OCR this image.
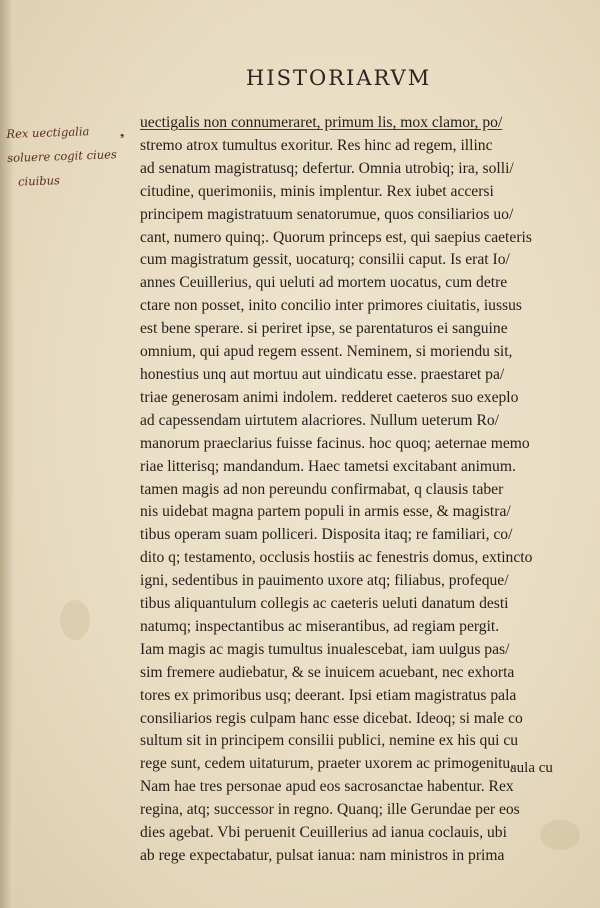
HISTORIARVM
Rex uectigalia
soluere cogit ciues
ciuibus
❟
uectigalis non connumeraret, primum lis, mox clamor, po/
stremo atrox tumultus exoritur. Res hinc ad regem, illinc
ad senatum magistratusq; defertur. Omnia utrobiq; ira, solli/
citudine, querimoniis, minis implentur. Rex iubet accersi
principem magistratuum senatorumue, quos consiliarios uo/
cant, numero quinq;. Quorum princeps est, qui saepius caeteris
cum magistratum gessit, uocaturq; consilii caput. Is erat Io/
annes Ceuillerius, qui ueluti ad mortem uocatus, cum detre
ctare non posset, inito concilio inter primores ciuitatis, iussus
est bene sperare. si periret ipse, se parentaturos ei sanguine
omnium, qui apud regem essent. Neminem, si moriendu sit,
honestius unq aut mortuu aut uindicatu esse. praestaret pa/
triae generosam animi indolem. redderet caeteros suo exeplo
ad capessendam uirtutem alacriores. Nullum ueterum Ro/
manorum praeclarius fuisse facinus. hoc quoq; aeternae memo
riae litterisq; mandandum. Haec tametsi excitabant animum.
tamen magis ad non pereundu confirmabat, q clausis taber
nis uidebat magna partem populi in armis esse, & magistra/
tibus operam suam polliceri. Disposita itaq; re familiari, co/
dito q; testamento, occlusis hostiis ac fenestris domus, extincto
igni, sedentibus in pauimento uxore atq; filiabus, profeque/
tibus aliquantulum collegis ac caeteris ueluti danatum desti
natumq; inspectantibus ac miserantibus, ad regiam pergit.
Iam magis ac magis tumultus inualescebat, iam uulgus pas/
sim fremere audiebatur, & se inuicem acuebant, nec exhorta
tores ex primoribus usq; deerant. Ipsi etiam magistratus pala
consiliarios regis culpam hanc esse dicebat. Ideoq; si male co
sultum sit in principem consilii publici, nemine ex his qui cu
rege sunt, cedem uitaturum, praeter uxorem ac primogenitu.
Nam hae tres personae apud eos sacrosanctae habentur. Rex
regina, atq; successor in regno. Quanq; ille Gerundae per eos
dies agebat. Vbi peruenit Ceuillerius ad ianua coclauis, ubi
ab rege expectabatur, pulsat ianua: nam ministros in prima
aula cu
